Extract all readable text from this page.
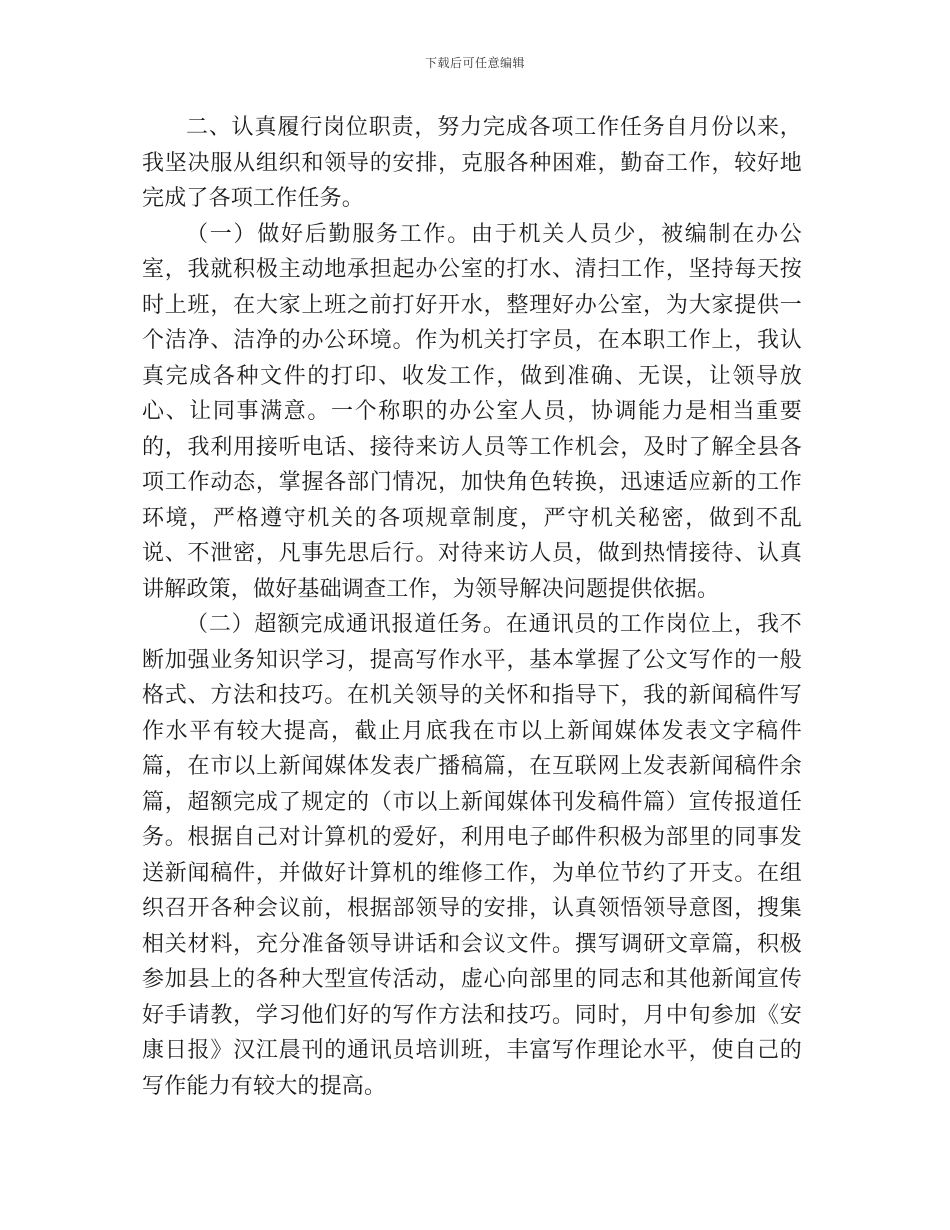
下载后可任意编辑

二、认真履行岗位职责，努力完成各项工作任务自月份以来，我坚决服从组织和领导的安排，克服各种困难，勤奋工作，较好地完成了各项工作任务。

（一）做好后勤服务工作。由于机关人员少，被编制在办公室，我就积极主动地承担起办公室的打水、清扫工作，坚持每天按时上班，在大家上班之前打好开水，整理好办公室，为大家提供一个洁净、洁净的办公环境。作为机关打字员，在本职工作上，我认真完成各种文件的打印、收发工作，做到准确、无误，让领导放心、让同事满意。一个称职的办公室人员，协调能力是相当重要的，我利用接听电话、接待来访人员等工作机会，及时了解全县各项工作动态，掌握各部门情况，加快角色转换，迅速适应新的工作环境，严格遵守机关的各项规章制度，严守机关秘密，做到不乱说、不泄密，凡事先思后行。对待来访人员，做到热情接待、认真讲解政策，做好基础调查工作，为领导解决问题提供依据。

（二）超额完成通讯报道任务。在通讯员的工作岗位上，我不断加强业务知识学习，提高写作水平，基本掌握了公文写作的一般格式、方法和技巧。在机关领导的关怀和指导下，我的新闻稿件写作水平有较大提高，截止月底我在市以上新闻媒体发表文字稿件篇，在市以上新闻媒体发表广播稿篇，在互联网上发表新闻稿件余篇，超额完成了规定的（市以上新闻媒体刊发稿件篇）宣传报道任务。根据自己对计算机的爱好，利用电子邮件积极为部里的同事发送新闻稿件，并做好计算机的维修工作，为单位节约了开支。在组织召开各种会议前，根据部领导的安排，认真领悟领导意图，搜集相关材料，充分准备领导讲话和会议文件。撰写调研文章篇，积极参加县上的各种大型宣传活动，虚心向部里的同志和其他新闻宣传好手请教，学习他们好的写作方法和技巧。同时，月中旬参加《安康日报》汉江晨刊的通讯员培训班，丰富写作理论水平，使自己的写作能力有较大的提高。
